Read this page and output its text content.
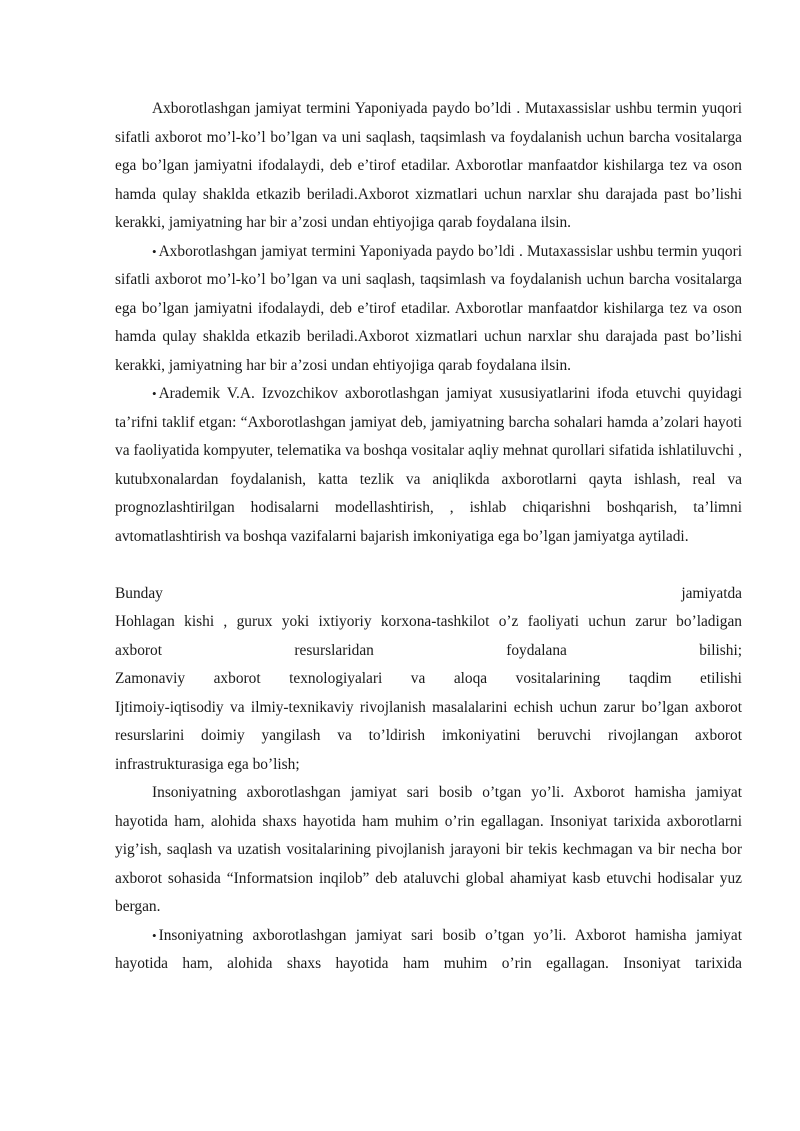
Axborotlashgan jamiyat termini Yaponiyada paydo bo’ldi . Mutaxassislar ushbu termin yuqori sifatli axborot mo’l-ko’l bo’lgan va uni saqlash, taqsimlash va foydalanish uchun barcha vositalarga ega bo’lgan jamiyatni ifodalaydi, deb e’tirof etadilar. Axborotlar manfaatdor kishilarga tez va oson hamda qulay shaklda etkazib beriladi.Axborot xizmatlari uchun narxlar shu darajada past bo’lishi kerakki, jamiyatning har bir a’zosi undan ehtiyojiga qarab foydalana ilsin.

• Axborotlashgan jamiyat termini Yaponiyada paydo bo’ldi . Mutaxassislar ushbu termin yuqori sifatli axborot mo’l-ko’l bo’lgan va uni saqlash, taqsimlash va foydalanish uchun barcha vositalarga ega bo’lgan jamiyatni ifodalaydi, deb e’tirof etadilar. Axborotlar manfaatdor kishilarga tez va oson hamda qulay shaklda etkazib beriladi.Axborot xizmatlari uchun narxlar shu darajada past bo’lishi kerakki, jamiyatning har bir a’zosi undan ehtiyojiga qarab foydalana ilsin.

• Arademik V.A. Izvozchikov axborotlashgan jamiyat xususiyatlarini ifoda etuvchi quyidagi ta’rifni taklif etgan: “Axborotlashgan jamiyat deb, jamiyatning barcha sohalari hamda a’zolari hayoti va faoliyatida kompyuter, telematika va boshqa vositalar aqliy mehnat qurollari sifatida ishlatiluvchi , kutubxonalardan foydalanish, katta tezlik va aniqlikda axborotlarni qayta ishlash, real va prognozlashtirilgan hodisalarni modellashtirish, , ishlab chiqarishni boshqarish, ta’limni avtomatlashtirish va boshqa vazifalarni bajarish imkoniyatiga ega bo’lgan jamiyatga aytiladi.

Bunday	jamiyatda

Hohlagan kishi , gurux yoki ixtiyoriy korxona-tashkilot o’z faoliyati uchun zarur bo’ladigan

axborot	resurslaridan	foydalana	bilishi;
Zamonaviy axborot texnologiyalari va aloqa vositalarining taqdim etilishi

Ijtimoiy-iqtisodiy va ilmiy-texnikaviy rivojlanish masalalarini echish uchun zarur bo’lgan axborot resurslarini doimiy yangilash va to’ldirish imkoniyatini beruvchi rivojlangan axborot infrastrukturasiga ega bo’lish;

Insoniyatning axborotlashgan jamiyat sari bosib o’tgan yo’li. Axborot hamisha jamiyat hayotida ham, alohida shaxs hayotida ham muhim o’rin egallagan. Insoniyat tarixida axborotlarni yig’ish, saqlash va uzatish vositalarining pivojlanish jarayoni bir tekis kechmagan va bir necha bor axborot sohasida “Informatsion inqilob” deb ataluvchi global ahamiyat kasb etuvchi hodisalar yuz bergan.

• Insoniyatning axborotlashgan jamiyat sari bosib o’tgan yo’li. Axborot hamisha jamiyat hayotida ham, alohida shaxs hayotida ham muhim o’rin egallagan. Insoniyat tarixida
